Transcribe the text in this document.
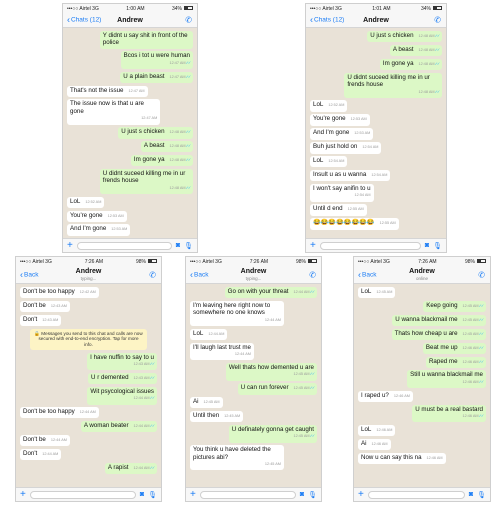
•••○○ Airtel 3G	1:00 AM	34%
‹ Chats (12)	Andrew	✆
Y didnt u say shit in front of the police
Bcos i tot u were human
12:47 AM ✓✓
U a plain beast 12:47 AM ✓✓
That's not the issue 12:47 AM
The issue now is that u are gone
12:47 AM
U just s chicken 12:48 AM ✓✓
A beast 12:48 AM ✓✓
Im gone ya 12:48 AM ✓✓
U didnt suceed killing me in ur frends house
12:48 AM ✓✓
LoL 12:52 AM
You're gone 12:53 AM
And I'm gone 12:53 AM
+	◙ 🎙
•••○○ Airtel 3G	1:01 AM	34%
‹ Chats (12)	Andrew	✆
U just s chicken 12:48 AM ✓✓
A beast 12:48 AM ✓✓
Im gone ya 12:48 AM ✓✓
U didnt suceed killing me in ur frends house
12:48 AM ✓✓
LoL 12:52 AM
You're gone 12:53 AM
And I'm gone 12:53 AM
Buh just hold on 12:54 AM
LoL 12:54 AM
Insult u as u wanna 12:54 AM
I won't say anifin to u
12:54 AM
Until d end 12:55 AM
😂😂😂😂😂😂😂😂 12:55 AM
+	◙ 🎙
•••○○ Airtel 3G	7:26 AM	98%
‹ Back	Andrew
typing...	✆
Don't be too happy 12:42 AM
Don't be 12:43 AM
Don't 12:43 AM
🔒 Messages you send to this chat and calls are now secured with end-to-end encryption. Tap for more info.
I have nuffin to say to u
12:43 AM ✓✓
U r demented 12:43 AM ✓✓
Wit psycological issues
12:44 AM ✓✓
Don't be too happy 12:44 AM
A woman beater 12:44 AM ✓✓
Don't be 12:44 AM
Don't 12:44 AM
A rapist 12:44 AM ✓✓
+	◙ 🎙
•••○○ Airtel 3G	7:26 AM	98%
‹ Back	Andrew
typing...	✆
Go on with your threat 12:44 AM ✓✓
I'm leaving here right now to somewhere no one knows
12:44 AM
LoL 12:44 AM
I'll laugh last trust me
12:44 AM
Well thats how demented u are
12:45 AM ✓✓
U can run forever 12:45 AM ✓✓
Ai 12:45 AM
Until then 12:45 AM
U definately gonna get caught
12:45 AM ✓✓
You think u have deleted the pictures abi?
12:45 AM
+	◙ 🎙
•••○○ Airtel 3G	7:26 AM	98%
‹ Back	Andrew
online	✆
LoL 12:45 AM
Keep going 12:45 AM ✓✓
U wanna blackmail me 12:45 AM ✓✓
Thats how cheap u are 12:45 AM ✓✓
Beat me up 12:46 AM ✓✓
Raped me 12:46 AM ✓✓
Still u wanna blackmail me
12:46 AM ✓✓
I raped u? 12:46 AM
U must be a real bastard
12:46 AM ✓✓
LoL 12:46 AM
Ai 12:46 AM
Now u can say this na 12:46 AM
+	◙ 🎙
